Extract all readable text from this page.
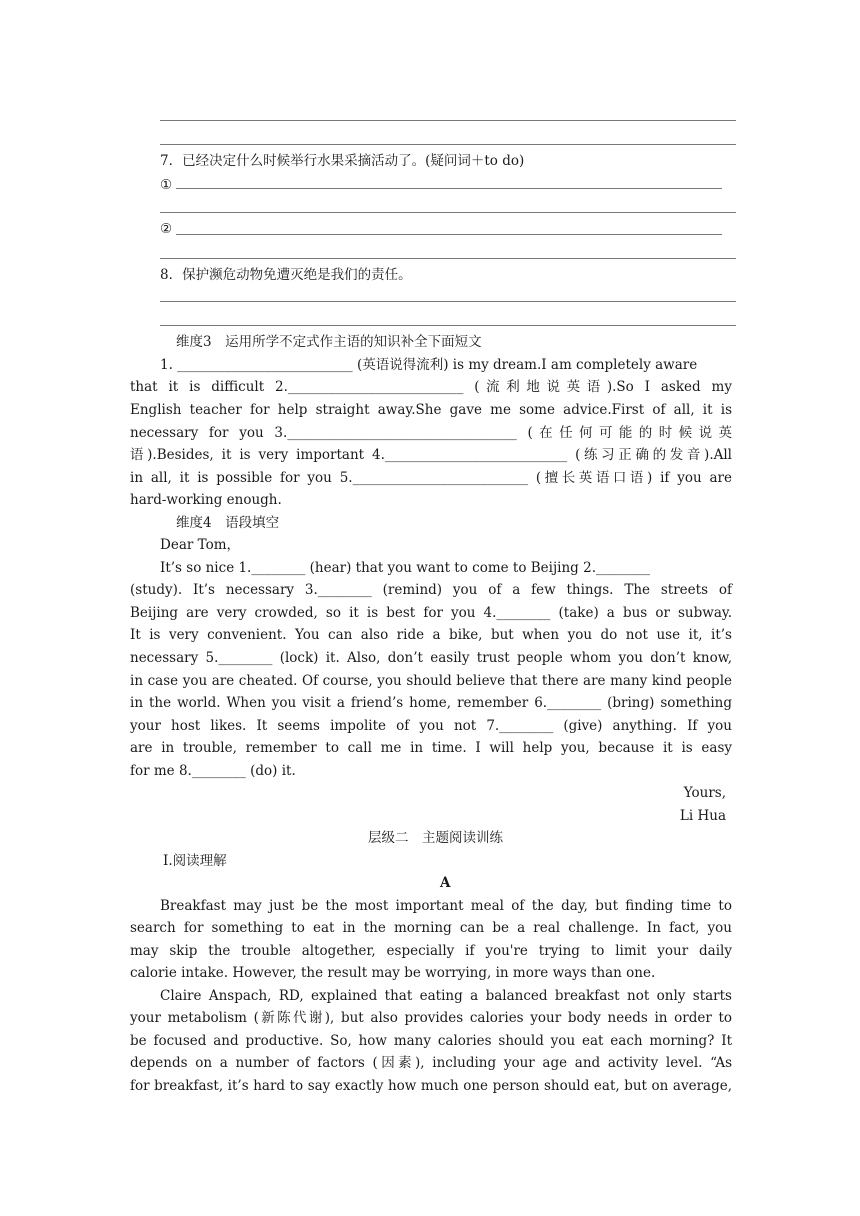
7．已经决定什么时候举行水果采摘活动了。(疑问词＋to do)
①
②
8．保护濒危动物免遭灭绝是我们的责任。
维度3　运用所学不定式作主语的知识补全下面短文
1. __________________________ (英语说得流利) is my dream.I am completely aware
that it is difficult 2.__________________________ (流利地说英语).So I asked my
English teacher for help straight away.She gave me some advice.First of all, it is
necessary for you 3.__________________________________ (在任何可能的时候说英
语).Besides, it is very important 4.___________________________ (练习正确的发音).All
in all, it is possible for you 5.__________________________ (擅长英语口语) if you are
hard-working enough.
维度4　语段填空
Dear Tom，
It’s so nice 1.________ (hear) that you want to come to Beijing 2.________
(study). It’s necessary 3.________ (remind) you of a few things. The streets of
Beijing are very crowded, so it is best for you 4.________ (take) a bus or subway.
It is very convenient. You can also ride a bike, but when you do not use it, it’s
necessary 5.________ (lock) it. Also, don’t easily trust people whom you don’t know,
in case you are cheated. Of course, you should believe that there are many kind people
in the world. When you visit a friend’s home, remember 6.________ (bring) something
your host likes. It seems impolite of you not 7.________ (give) anything. If you
are in trouble, remember to call me in time. I will help you, because it is easy
for me 8.________ (do) it.
Yours,
Li Hua
层级二　主题阅读训练
Ⅰ.阅读理解
A
Breakfast may just be the most important meal of the day, but finding time to
search for something to eat in the morning can be a real challenge. In fact, you
may skip the trouble altogether, especially if you're trying to limit your daily
calorie intake. However, the result may be worrying, in more ways than one.
Claire Anspach, RD, explained that eating a balanced breakfast not only starts
your metabolism (新陈代谢), but also provides calories your body needs in order to
be focused and productive. So, how many calories should you eat each morning? It
depends on a number of factors (因素), including your age and activity level. “As
for breakfast, it’s hard to say exactly how much one person should eat, but on average,
